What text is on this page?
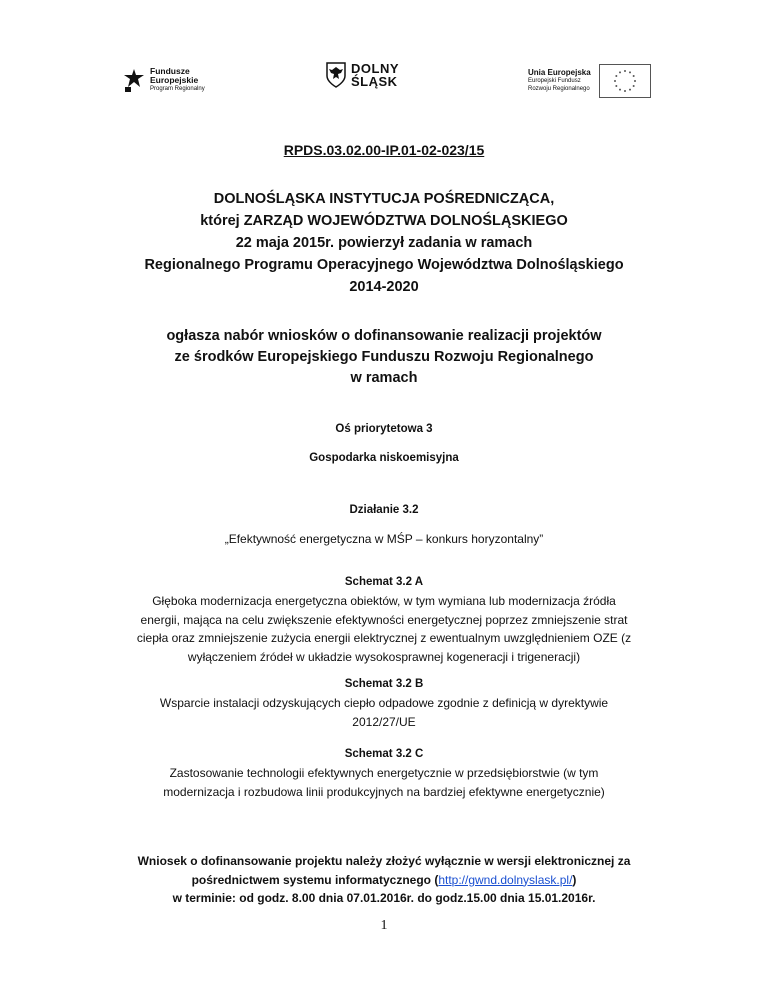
Fundusze
Europejskie
Program Regionalny
DOLNY
ŚLĄSK
Unia Europejska
Europejski Fundusz
Rozwoju Regionalnego
RPDS.03.02.00-IP.01-02-023/15
DOLNOŚLĄSKA INSTYTUCJA POŚREDNICZĄCA,
której ZARZĄD WOJEWÓDZTWA DOLNOŚLĄSKIEGO
22 maja 2015r. powierzył zadania w ramach
Regionalnego Programu Operacyjnego Województwa Dolnośląskiego
2014-2020
ogłasza nabór wniosków o dofinansowanie realizacji projektów
ze środków Europejskiego Funduszu Rozwoju Regionalnego
w ramach
Oś priorytetowa 3
Gospodarka niskoemisyjna
Działanie 3.2
„Efektywność energetyczna w MŚP – konkurs horyzontalny”
Schemat 3.2 A
Głęboka modernizacja energetyczna obiektów, w tym wymiana lub modernizacja źródła
energii, mająca na celu zwiększenie efektywności energetycznej poprzez zmniejszenie strat
ciepła oraz zmniejszenie zużycia energii elektrycznej z ewentualnym uwzględnieniem OZE (z
wyłączeniem źródeł w układzie wysokosprawnej kogeneracji i trigeneracji)
Schemat 3.2 B
Wsparcie instalacji odzyskujących ciepło odpadowe zgodnie z definicją w dyrektywie
2012/27/UE
Schemat 3.2 C
Zastosowanie technologii efektywnych energetycznie w przedsiębiorstwie (w tym
modernizacja i rozbudowa linii produkcyjnych na bardziej efektywne energetycznie)
Wniosek o dofinansowanie projektu należy złożyć wyłącznie w wersji elektronicznej za
pośrednictwem systemu informatycznego (http://gwnd.dolnyslask.pl/)
w terminie: od godz. 8.00 dnia 07.01.2016r. do godz.15.00 dnia 15.01.2016r.
1
